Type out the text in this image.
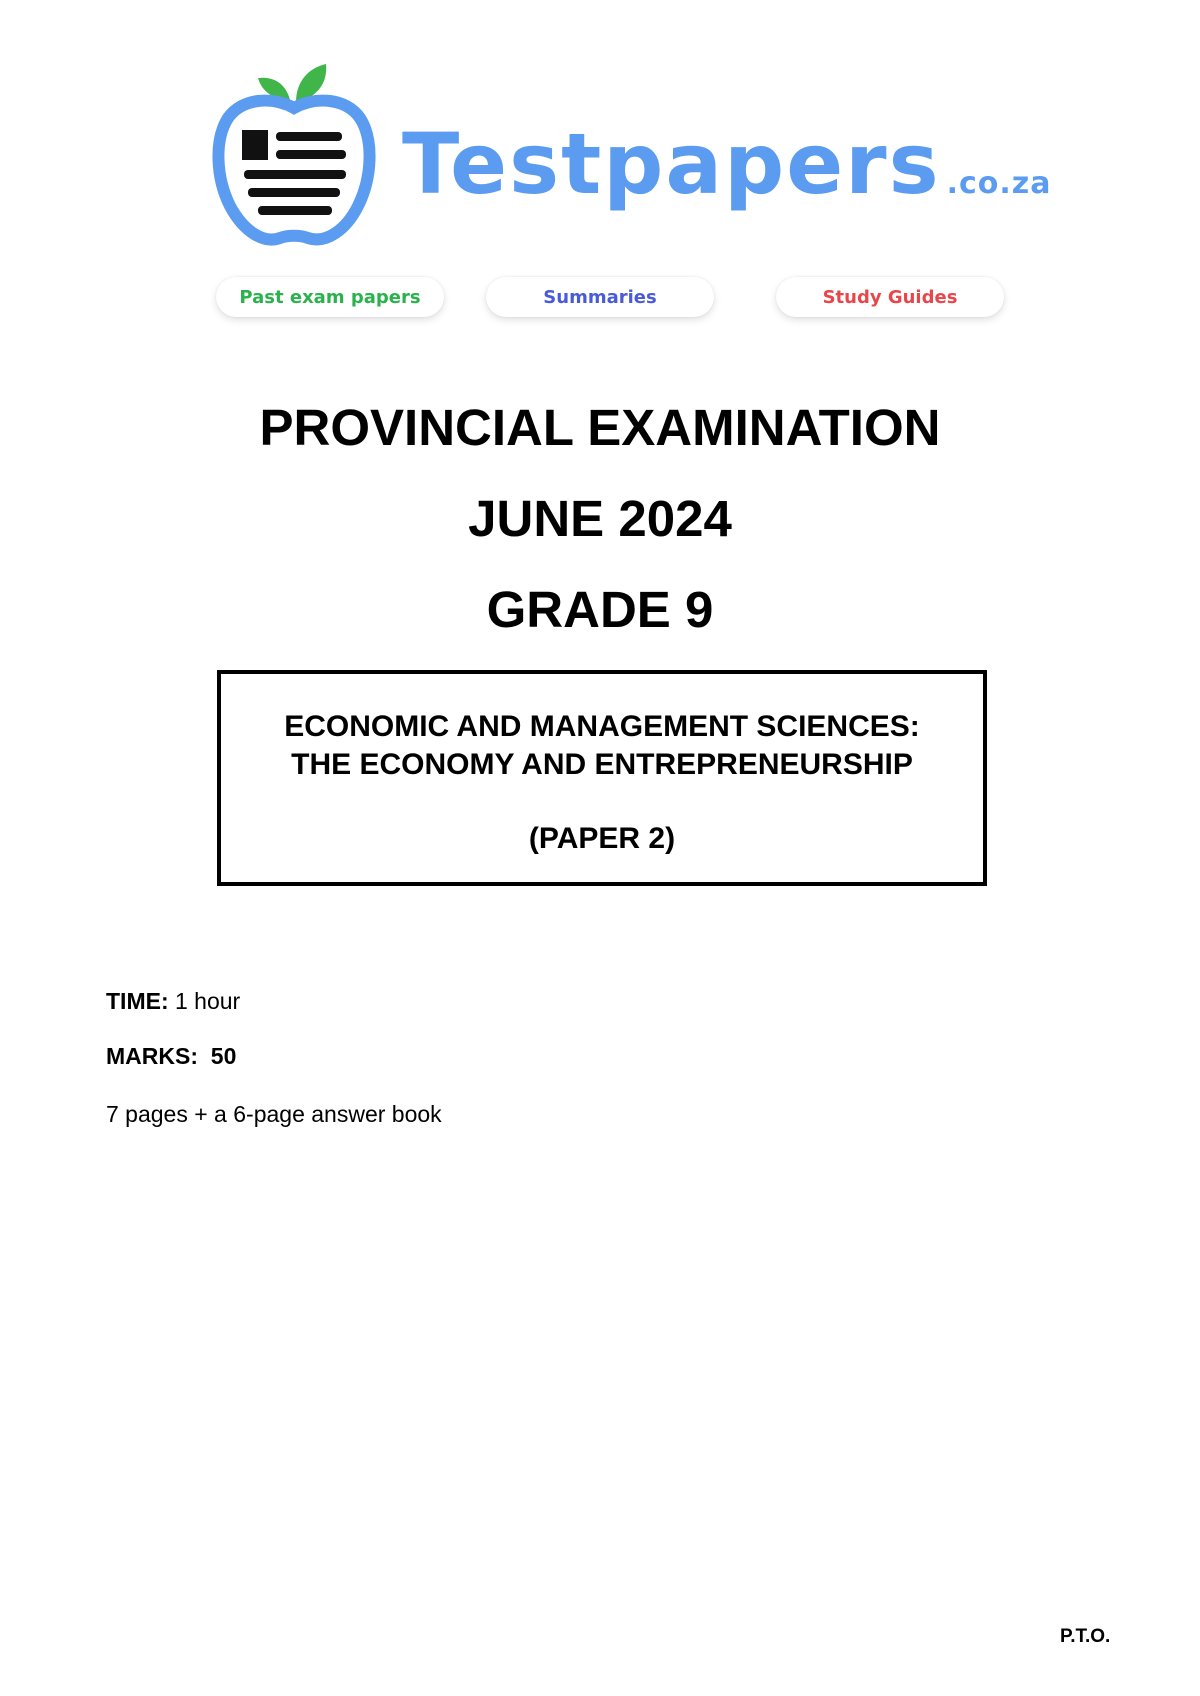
Testpapers .co.za
Past exam papers	Summaries	Study Guides
PROVINCIAL EXAMINATION
JUNE 2024
GRADE 9
ECONOMIC AND MANAGEMENT SCIENCES:
THE ECONOMY AND ENTREPRENEURSHIP
(PAPER 2)
TIME: 1 hour
MARKS:  50
7 pages + a 6-page answer book
P.T.O.
